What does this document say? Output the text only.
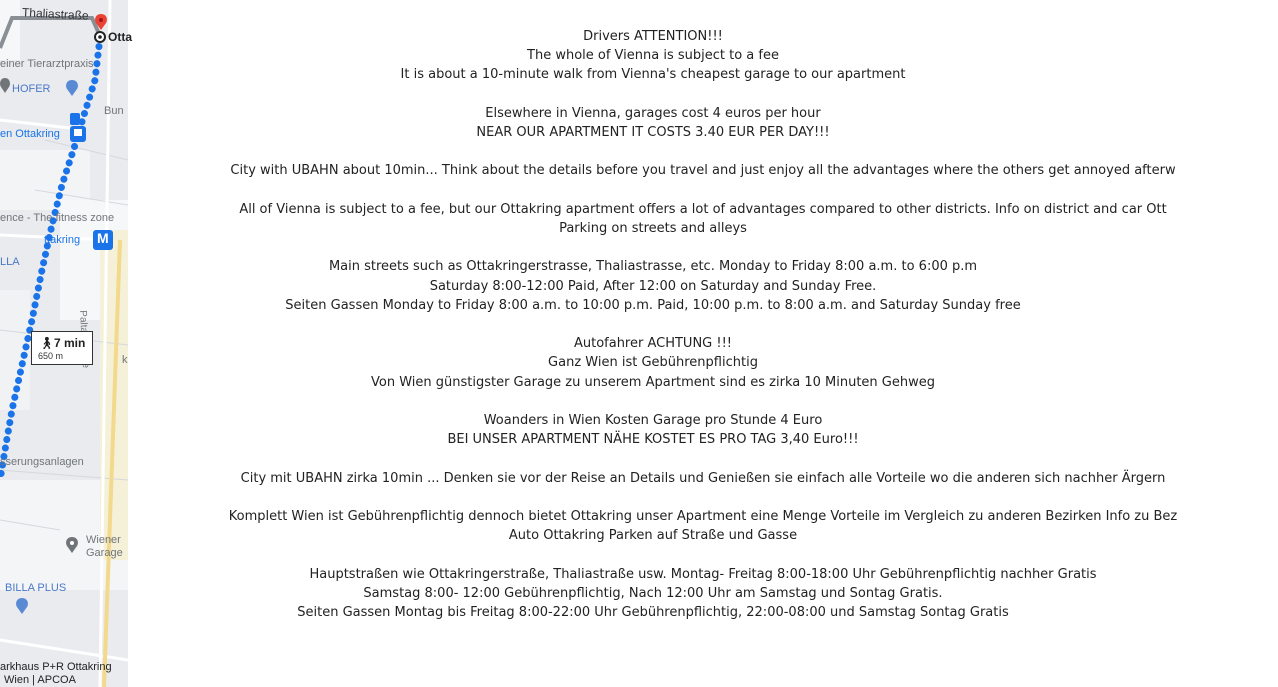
Thaliastraße
Otta
einer Tierarztpraxis
HOFER
Bun
en Ottakring
ence - The fitness zone
ttakring M
LLA
k
sserungsanlagen
Wiener
Garage
BILLA PLUS
arkhaus P+R Ottakring
Wien | APCOA
🚶︎ 7 min
650 m
Drivers ATTENTION!!!
The whole of Vienna is subject to a fee
It is about a 10-minute walk from Vienna's cheapest garage to our apartment
Elsewhere in Vienna, garages cost 4 euros per hour
NEAR OUR APARTMENT IT COSTS 3.40 EUR PER DAY!!!
City with UBAHN about 10min... Think about the details before you travel and just enjoy all the advantages where the others get annoyed afterw
All of Vienna is subject to a fee, but our Ottakring apartment offers a lot of advantages compared to other districts. Info on district and car Ott
Parking on streets and alleys
Main streets such as Ottakringerstrasse, Thaliastrasse, etc. Monday to Friday 8:00 a.m. to 6:00 p.m
Saturday 8:00-12:00 Paid, After 12:00 on Saturday and Sunday Free.
Seiten Gassen Monday to Friday 8:00 a.m. to 10:00 p.m. Paid, 10:00 p.m. to 8:00 a.m. and Saturday Sunday free
Autofahrer ACHTUNG !!!
Ganz Wien ist Gebührenpflichtig
Von Wien günstigster Garage zu unserem Apartment sind es zirka 10 Minuten Gehweg
Woanders in Wien Kosten Garage pro Stunde 4 Euro
BEI UNSER APARTMENT NÄHE KOSTET ES PRO TAG 3,40 Euro!!!
City mit UBAHN zirka 10min ... Denken sie vor der Reise an Details und Genießen sie einfach alle Vorteile wo die anderen sich nachher Ärgern
Komplett Wien ist Gebührenpflichtig dennoch bietet Ottakring unser Apartment eine Menge Vorteile im Vergleich zu anderen Bezirken Info zu Bez
Auto Ottakring Parken auf Straße und Gasse
Hauptstraßen wie Ottakringerstraße, Thaliastraße usw. Montag- Freitag 8:00-18:00 Uhr Gebührenpflichtig nachher Gratis
Samstag 8:00- 12:00 Gebührenpflichtig, Nach 12:00 Uhr am Samstag und Sontag Gratis.
Seiten Gassen Montag bis Freitag 8:00-22:00 Uhr Gebührenpflichtig, 22:00-08:00 und Samstag Sontag Gratis
